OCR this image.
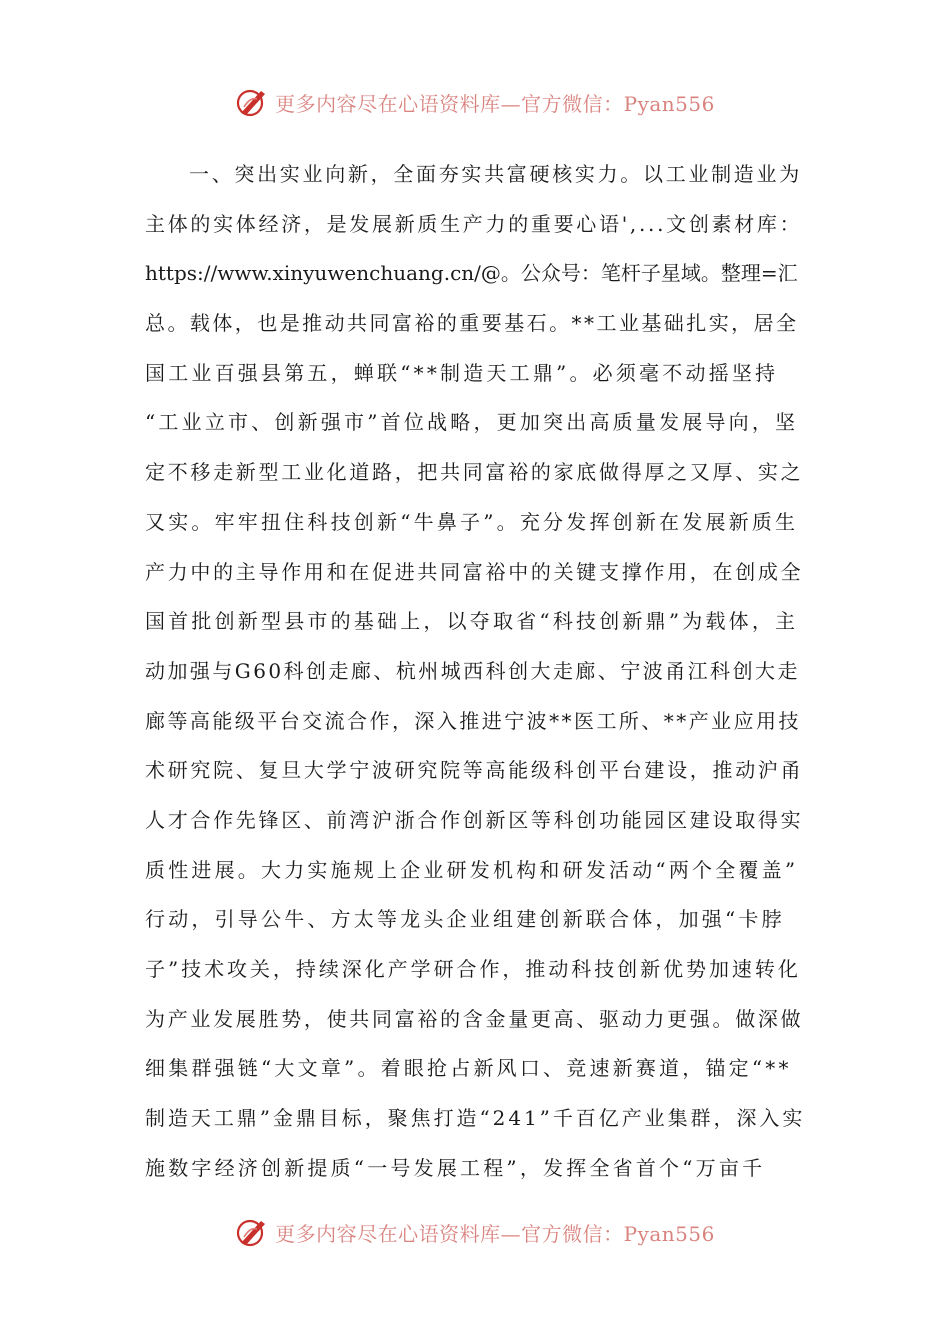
更多内容尽在心语资料库—官方微信：Pyan556
一、突出实业向新，全面夯实共富硬核实力。以工业制造业为
主体的实体经济，是发展新质生产力的重要心语',...文创素材库：
https://www.xinyuwenchuang.cn/@。公众号：笔杆子星域。整理=汇
总。载体，也是推动共同富裕的重要基石。**工业基础扎实，居全
国工业百强县第五，蝉联“**制造天工鼎”。必须毫不动摇坚持
“工业立市、创新强市”首位战略，更加突出高质量发展导向，坚
定不移走新型工业化道路，把共同富裕的家底做得厚之又厚、实之
又实。牢牢扭住科技创新“牛鼻子”。充分发挥创新在发展新质生
产力中的主导作用和在促进共同富裕中的关键支撑作用，在创成全
国首批创新型县市的基础上，以夺取省“科技创新鼎”为载体，主
动加强与G60科创走廊、杭州城西科创大走廊、宁波甬江科创大走
廊等高能级平台交流合作，深入推进宁波**医工所、**产业应用技
术研究院、复旦大学宁波研究院等高能级科创平台建设，推动沪甬
人才合作先锋区、前湾沪浙合作创新区等科创功能园区建设取得实
质性进展。大力实施规上企业研发机构和研发活动“两个全覆盖”
行动，引导公牛、方太等龙头企业组建创新联合体，加强“卡脖
子”技术攻关，持续深化产学研合作，推动科技创新优势加速转化
为产业发展胜势，使共同富裕的含金量更高、驱动力更强。做深做
细集群强链“大文章”。着眼抢占新风口、竞速新赛道，锚定“**
制造天工鼎”金鼎目标，聚焦打造“241”千百亿产业集群，深入实
施数字经济创新提质“一号发展工程”，发挥全省首个“万亩千
更多内容尽在心语资料库—官方微信：Pyan556
